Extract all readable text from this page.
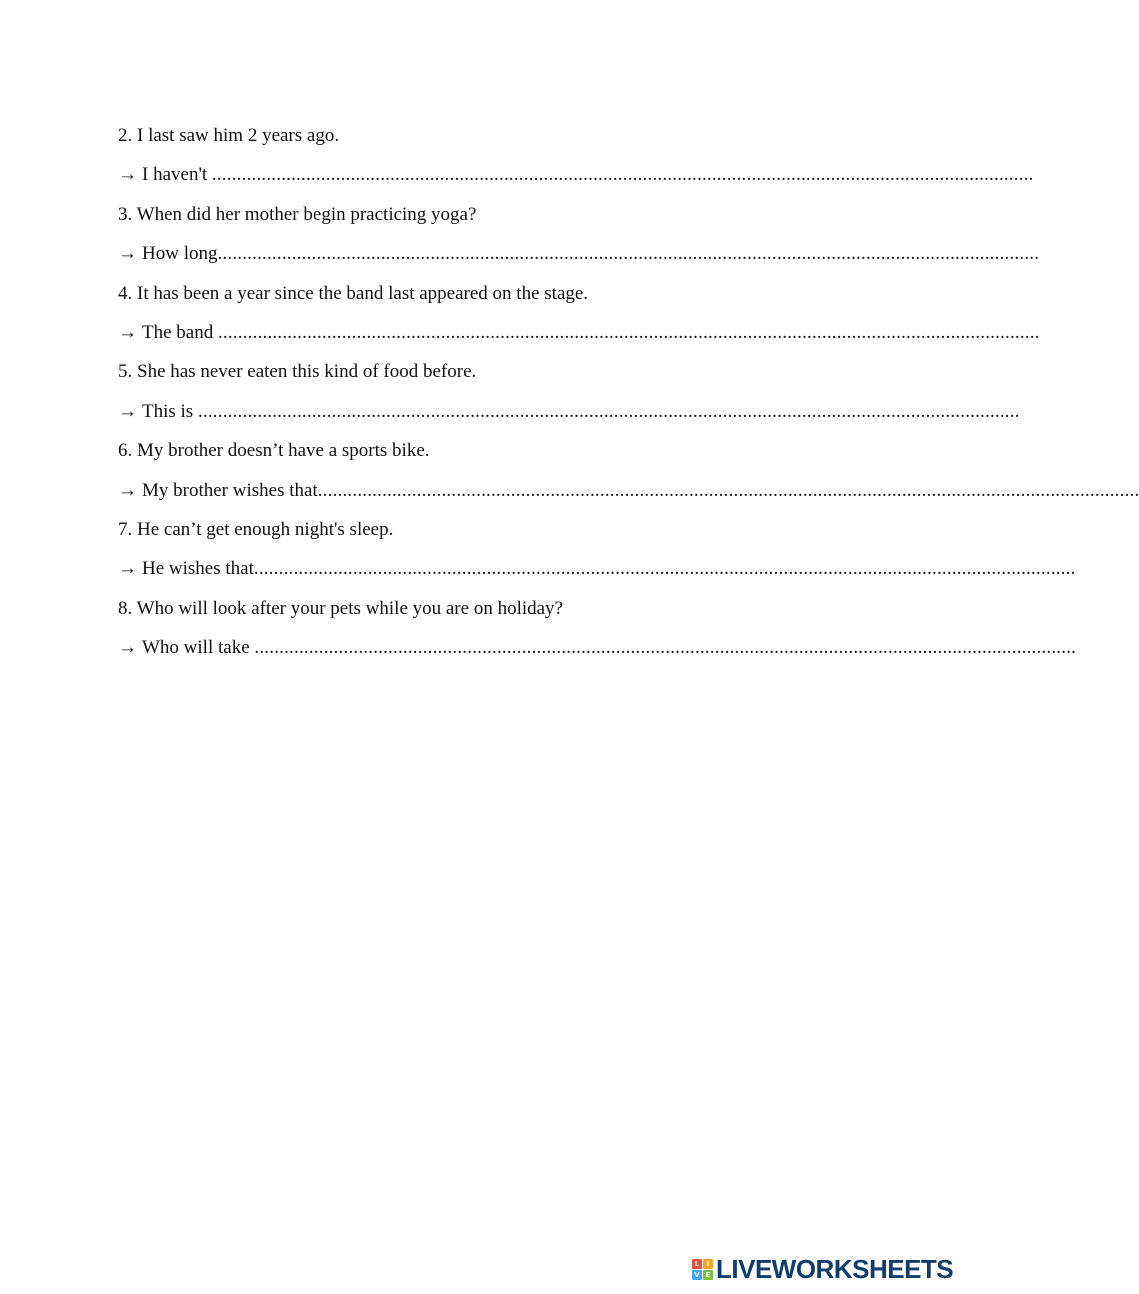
2. I last saw him 2 years ago.
→ I haven't ......................................................................................................................................................................
3. When did her mother begin practicing yoga?
→ How long ......................................................................................................................................................................
4. It has been a year since the band last appeared on the stage.
→ The band ......................................................................................................................................................................
5. She has never eaten this kind of food before.
→ This is ......................................................................................................................................................................
6. My brother doesn’t have a sports bike.
→ My brother wishes that ......................................................................................................................................................................
7. He can’t get enough night's sleep.
→ He wishes that ......................................................................................................................................................................
8. Who will look after your pets while you are on holiday?
→ Who will take ......................................................................................................................................................................
L	I
V E LIVEWORKSHEETS
